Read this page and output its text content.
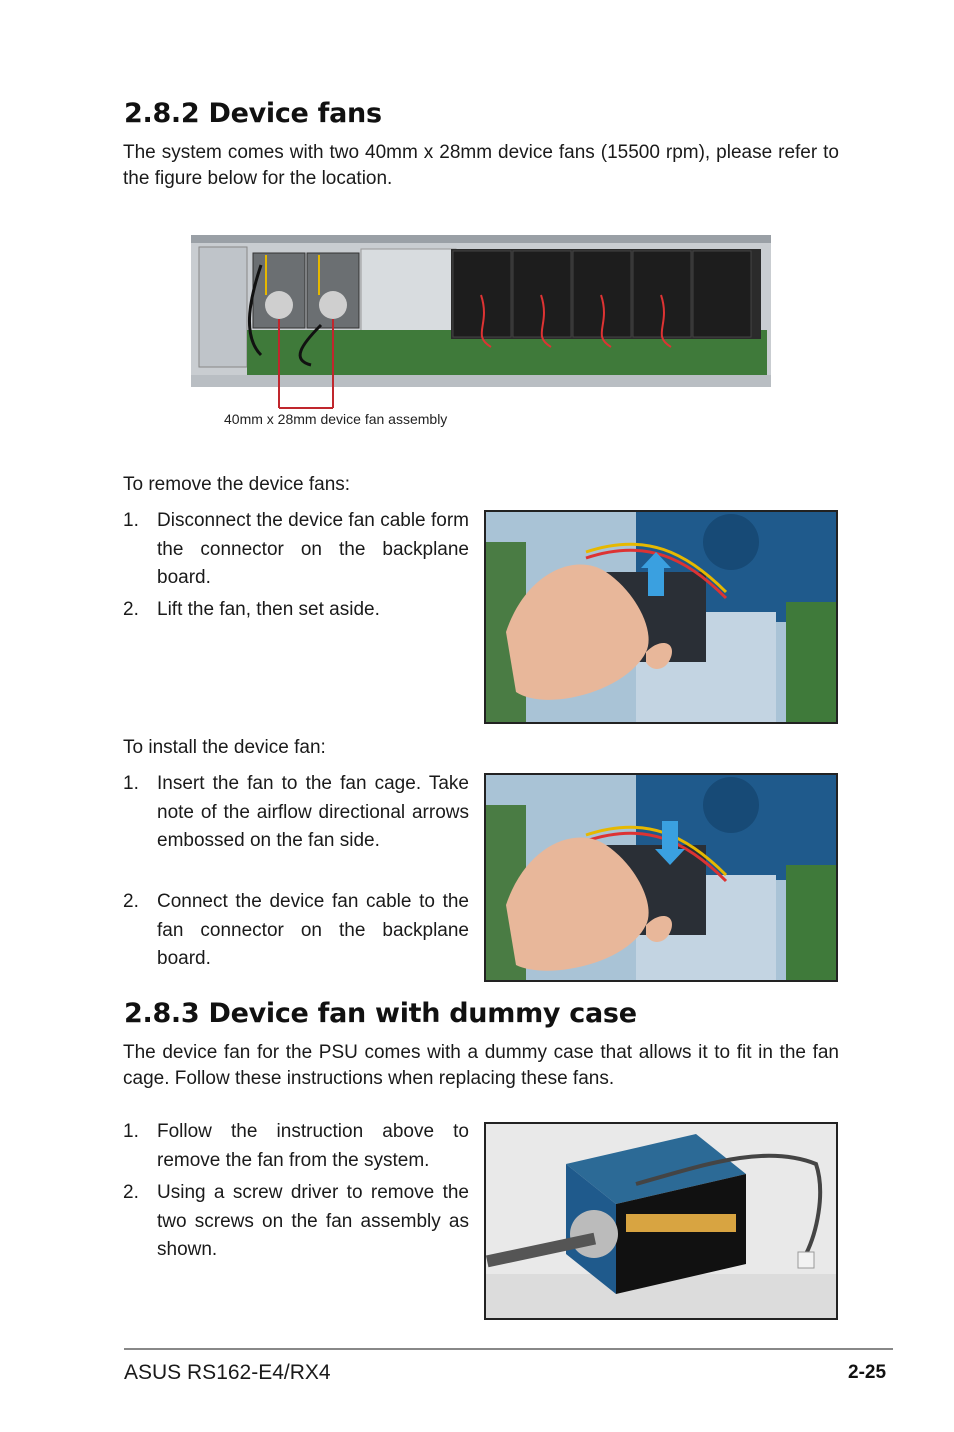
2.8.2 Device fans

The system comes with two 40mm x 28mm device fans (15500 rpm), please refer to the figure below for the location.

40mm x 28mm device fan assembly

To remove the device fans:

1. Disconnect the device fan cable form the connector on the backplane board.
2. Lift the fan, then set aside.

To install the device fan:

1. Insert the fan to the fan cage. Take note of the airflow directional arrows embossed on the fan side.
2. Connect the device fan cable to the fan connector on the backplane board.
2.8.3 Device fan with dummy case

The device fan for the PSU comes with a dummy case that allows it to fit in the fan cage. Follow these instructions when replacing these fans.

1. Follow the instruction above to remove the fan from the system.
2. Using a screw driver to remove the two screws on the fan assembly as shown.
ASUS RS162-E4/RX4	2-25
